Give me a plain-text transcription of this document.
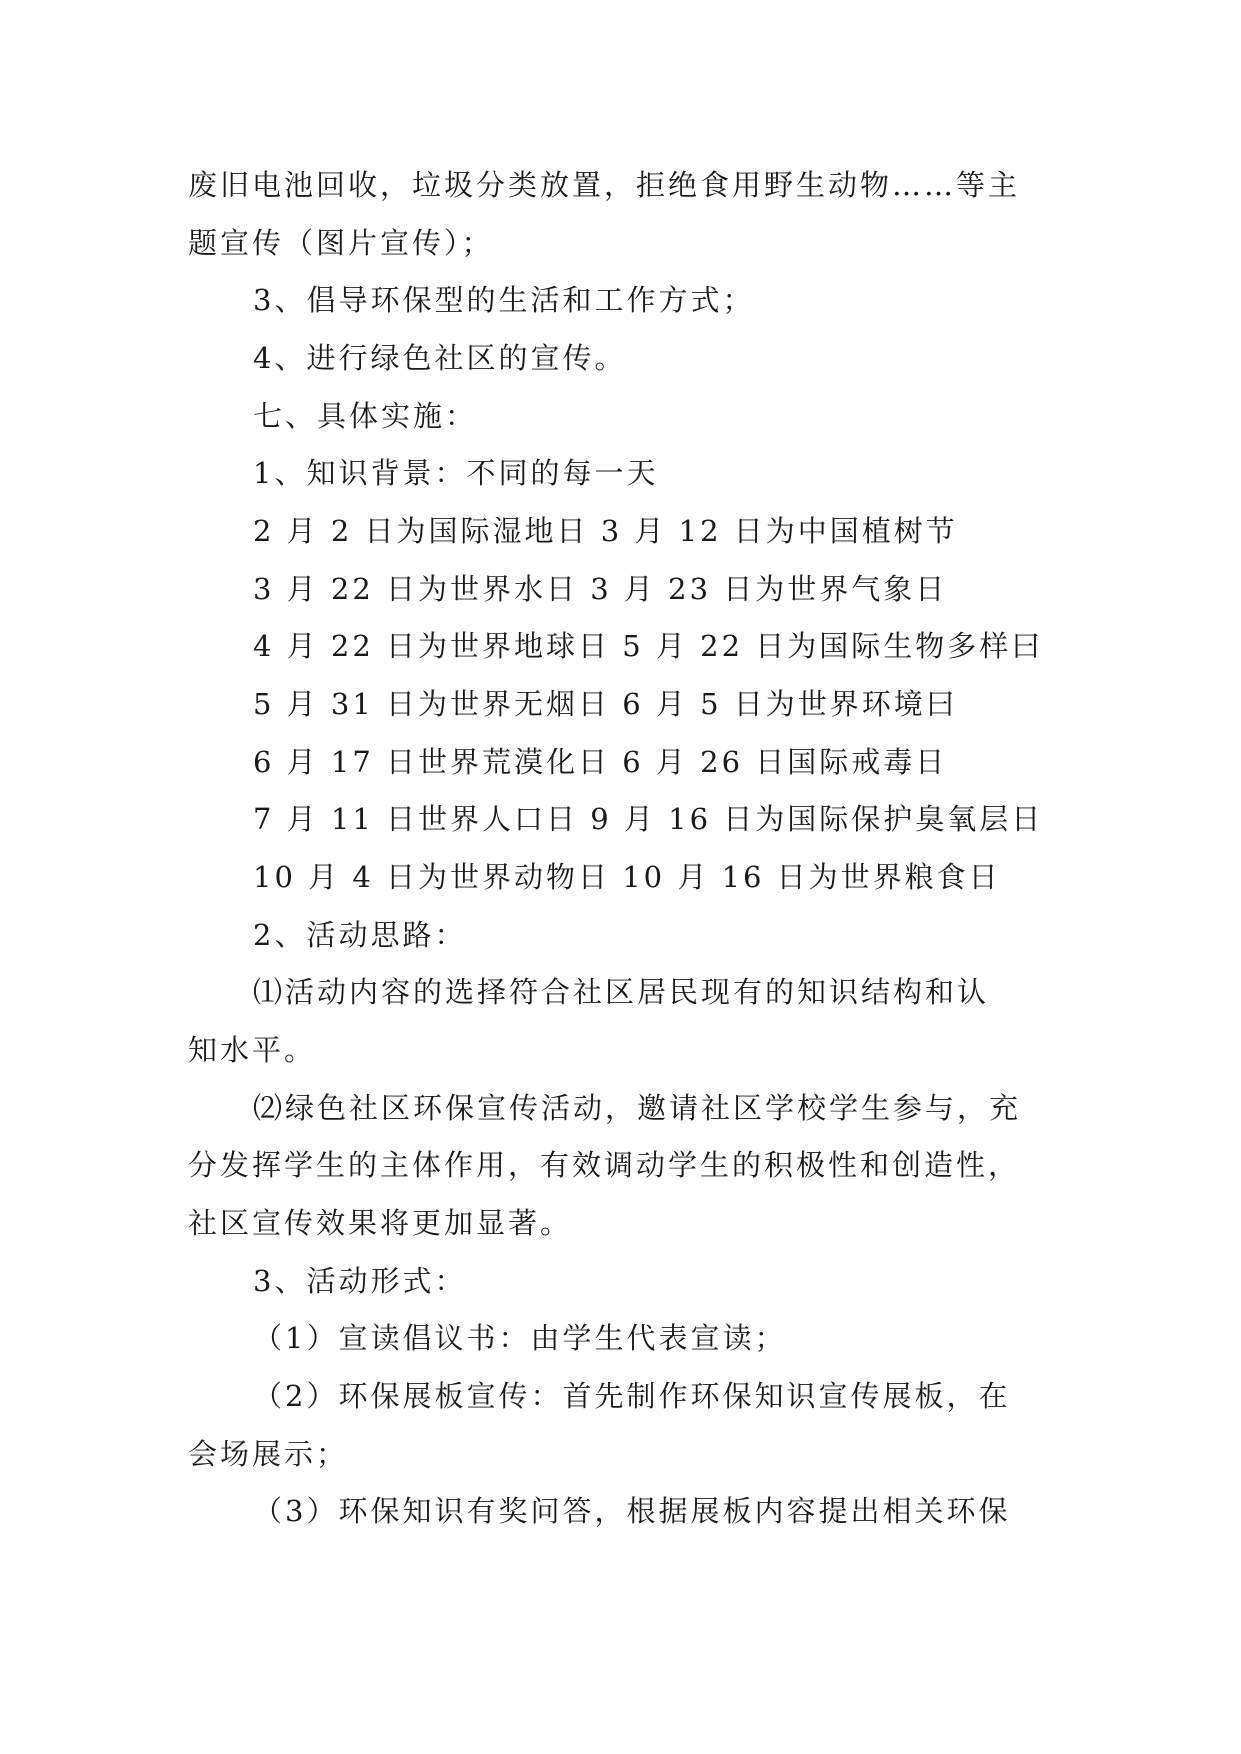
废旧电池回收，垃圾分类放置，拒绝食用野生动物……等主
题宣传（图片宣传）；
3、倡导环保型的生活和工作方式；
4、进行绿色社区的宣传。
七、具体实施：
1、知识背景：不同的每一天
2 月 2 日为国际湿地日 3 月 12 日为中国植树节
3 月 22 日为世界水日 3 月 23 日为世界气象日
4 月 22 日为世界地球日 5 月 22 日为国际生物多样曰
5 月 31 日为世界无烟日 6 月 5 日为世界环境曰
6 月 17 日世界荒漠化日 6 月 26 日国际戒毒日
7 月 11 日世界人口日 9 月 16 日为国际保护臭氧层日
10 月 4 日为世界动物日 10 月 16 日为世界粮食日
2、活动思路：
⑴活动内容的选择符合社区居民现有的知识结构和认
知水平。
⑵绿色社区环保宣传活动，邀请社区学校学生参与，充
分发挥学生的主体作用，有效调动学生的积极性和创造性，
社区宣传效果将更加显著。
3、活动形式：
（1）宣读倡议书：由学生代表宣读；
（2）环保展板宣传：首先制作环保知识宣传展板，在
会场展示；
（3）环保知识有奖问答，根据展板内容提出相关环保
